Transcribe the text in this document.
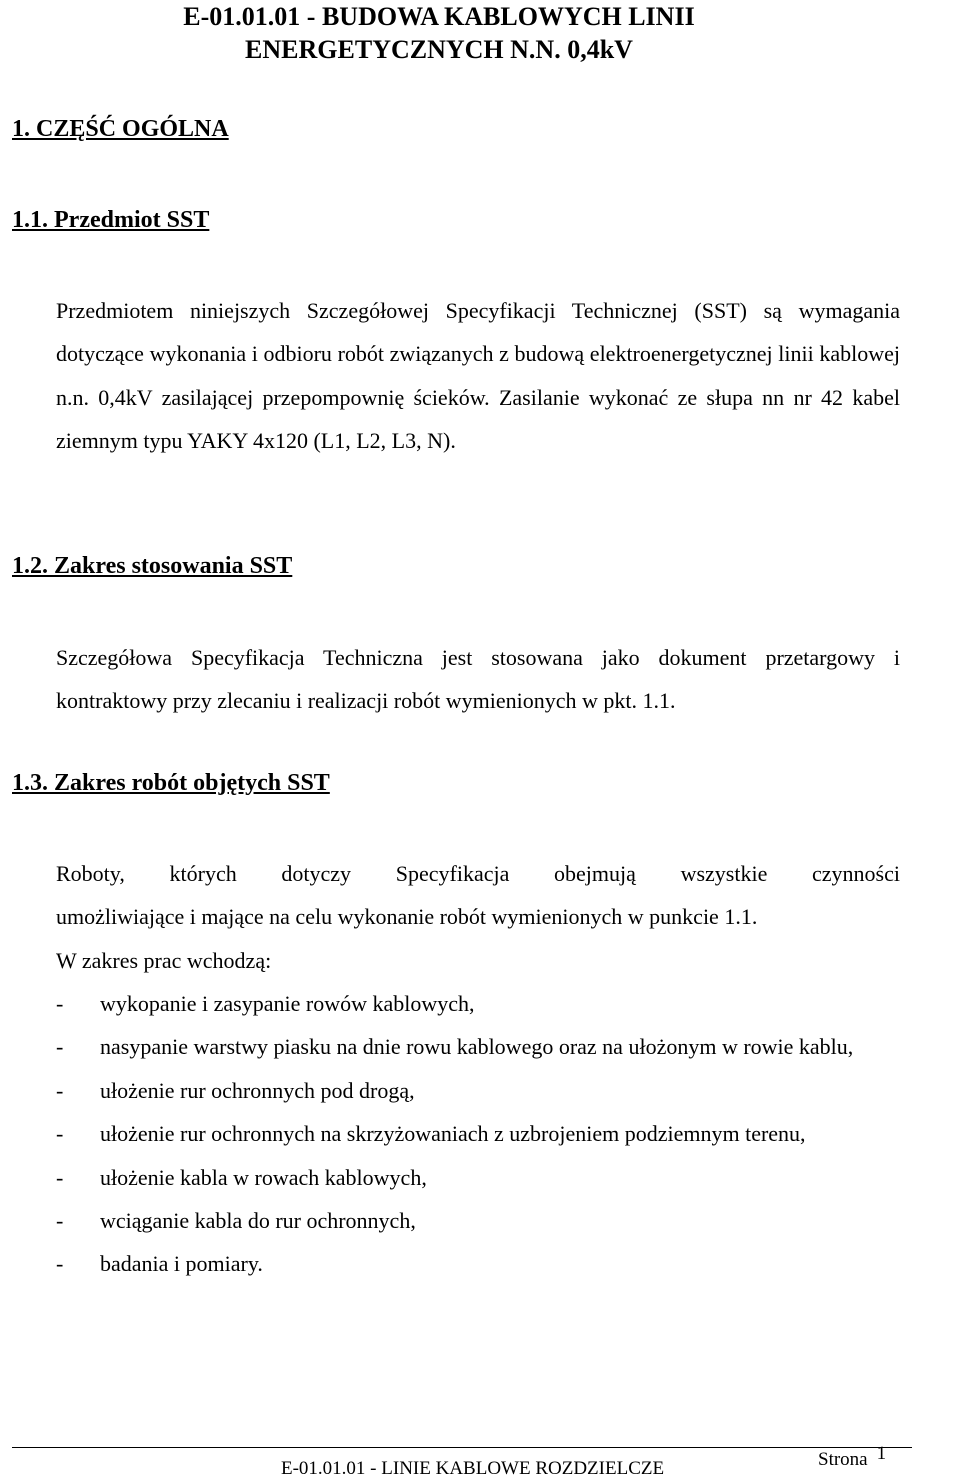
E-01.01.01 - BUDOWA KABLOWYCH LINII
ENERGETYCZNYCH N.N. 0,4kV
1. CZĘŚĆ OGÓLNA
1.1. Przedmiot SST
Przedmiotem niniejszych Szczegółowej Specyfikacji Technicznej (SST) są wymagania dotyczące wykonania i odbioru robót związanych z budową elektroenergetycznej linii kablowej n.n. 0,4kV zasilającej przepompownię ścieków. Zasilanie wykonać ze słupa nn nr 42 kabel ziemnym typu YAKY 4x120 (L1, L2, L3, N).
1.2. Zakres stosowania SST
Szczegółowa Specyfikacja Techniczna jest stosowana jako dokument przetargowy i kontraktowy przy zlecaniu i realizacji robót wymienionych w pkt. 1.1.
1.3. Zakres robót objętych SST
Roboty, których dotyczy Specyfikacja obejmują wszystkie czynności
umożliwiające i mające na celu wykonanie robót wymienionych w punkcie 1.1.
W zakres prac wchodzą:
- wykopanie i zasypanie rowów kablowych,
- nasypanie warstwy piasku na dnie rowu kablowego oraz na ułożonym w rowie kablu,
- ułożenie rur ochronnych pod drogą,
- ułożenie rur ochronnych na skrzyżowaniach z uzbrojeniem podziemnym terenu,
- ułożenie kabla w rowach kablowych,
- wciąganie kabla do rur ochronnych,
- badania i pomiary.
E-01.01.01 - LINIE KABLOWE ROZDZIELCZE	Strona 1
